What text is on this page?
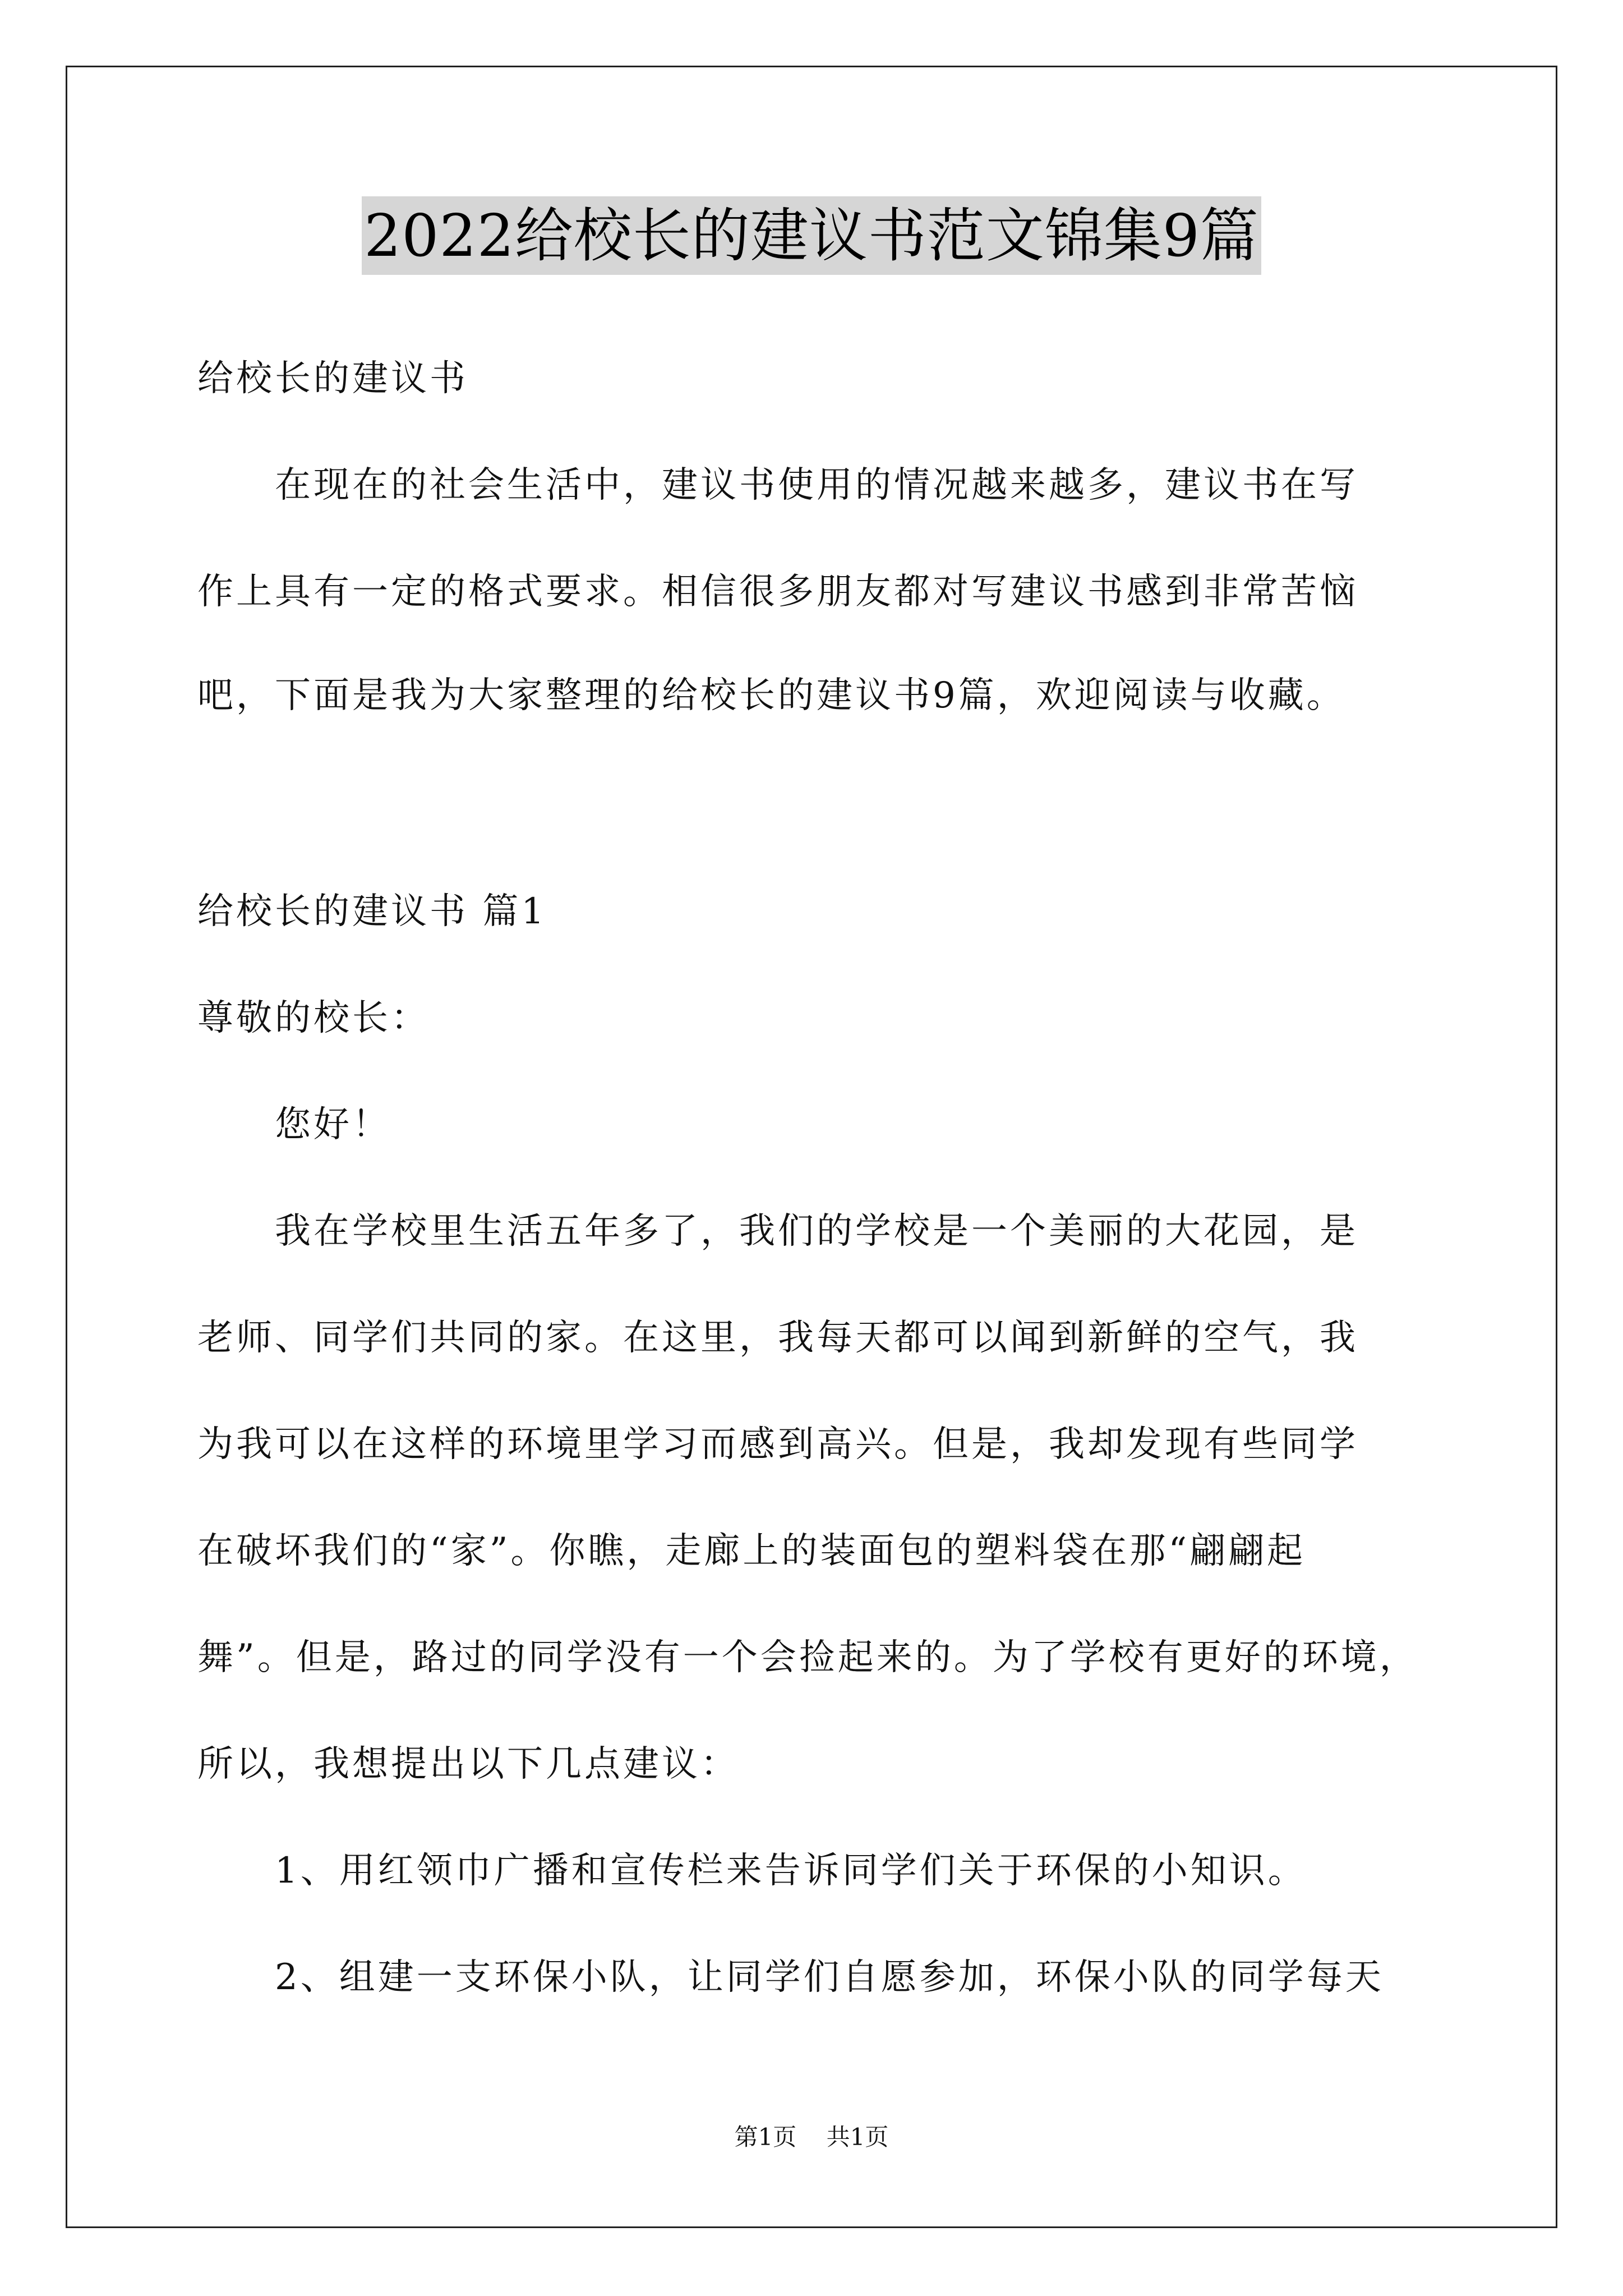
2022给校长的建议书范文锦集9篇
给校长的建议书
　　在现在的社会生活中，建议书使用的情况越来越多，建议书在写
作上具有一定的格式要求。相信很多朋友都对写建议书感到非常苦恼
吧，下面是我为大家整理的给校长的建议书9篇，欢迎阅读与收藏。
给校长的建议书 篇1
尊敬的校长：
　　您好！
　　我在学校里生活五年多了，我们的学校是一个美丽的大花园，是
老师、同学们共同的家。在这里，我每天都可以闻到新鲜的空气，我
为我可以在这样的环境里学习而感到高兴。但是，我却发现有些同学
在破坏我们的“家”。你瞧，走廊上的装面包的塑料袋在那“翩翩起
舞”。但是，路过的同学没有一个会捡起来的。为了学校有更好的环境，
所以，我想提出以下几点建议：
　　1、用红领巾广播和宣传栏来告诉同学们关于环保的小知识。
　　2、组建一支环保小队，让同学们自愿参加，环保小队的同学每天
第1页 共1页
